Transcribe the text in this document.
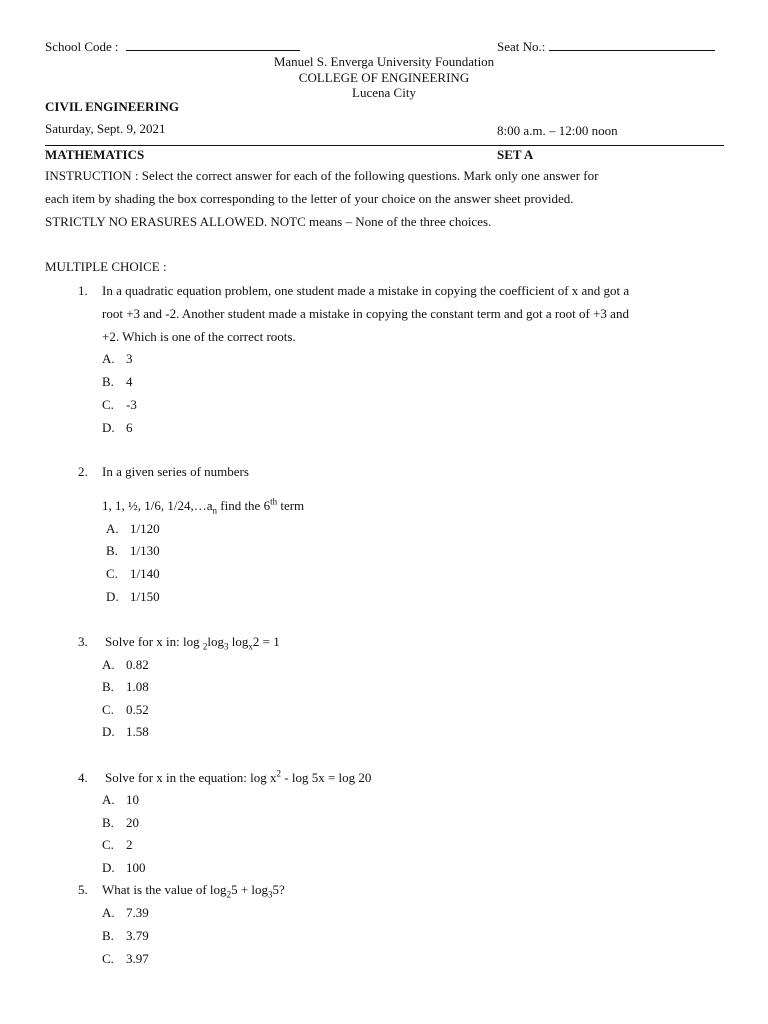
School Code :	Seat No.:
Manuel S. Enverga University Foundation
COLLEGE OF ENGINEERING
Lucena City
CIVIL ENGINEERING
Saturday, Sept. 9, 2021	8:00 a.m. – 12:00 noon
MATHEMATICS	SET A
INSTRUCTION : Select the correct answer for each of the following questions. Mark only one answer for
each item by shading the box corresponding to the letter of your choice on the answer sheet provided.
STRICTLY NO ERASURES ALLOWED. NOTC means – None of the three choices.
MULTIPLE CHOICE :
1. In a quadratic equation problem, one student made a mistake in copying the coefficient of x and got a
root +3 and -2. Another student made a mistake in copying the constant term and got a root of +3 and
+2. Which is one of the correct roots.
A. 3
B. 4
C. -3
D. 6
2. In a given series of numbers
1, 1, ½, 1/6, $1/24,\dots a_n$ find the 6th term
A. 1/120
B. 1/130
C. 1/140
D. 1/150
3. Solve for x in: $\log _2\log_3$ $\log_x2 = 1$
A. 0.82
B. 1.08
C. 0.52
D. 1.58
4. Solve for x in the equation: $\log x^2 - \log 5x = \log 20$
A. 10
B. 20
C. 2
D. 100
5. What is the value of $\log_25 + \log_35$?
A. 7.39
B. 3.79
C. 3.97
